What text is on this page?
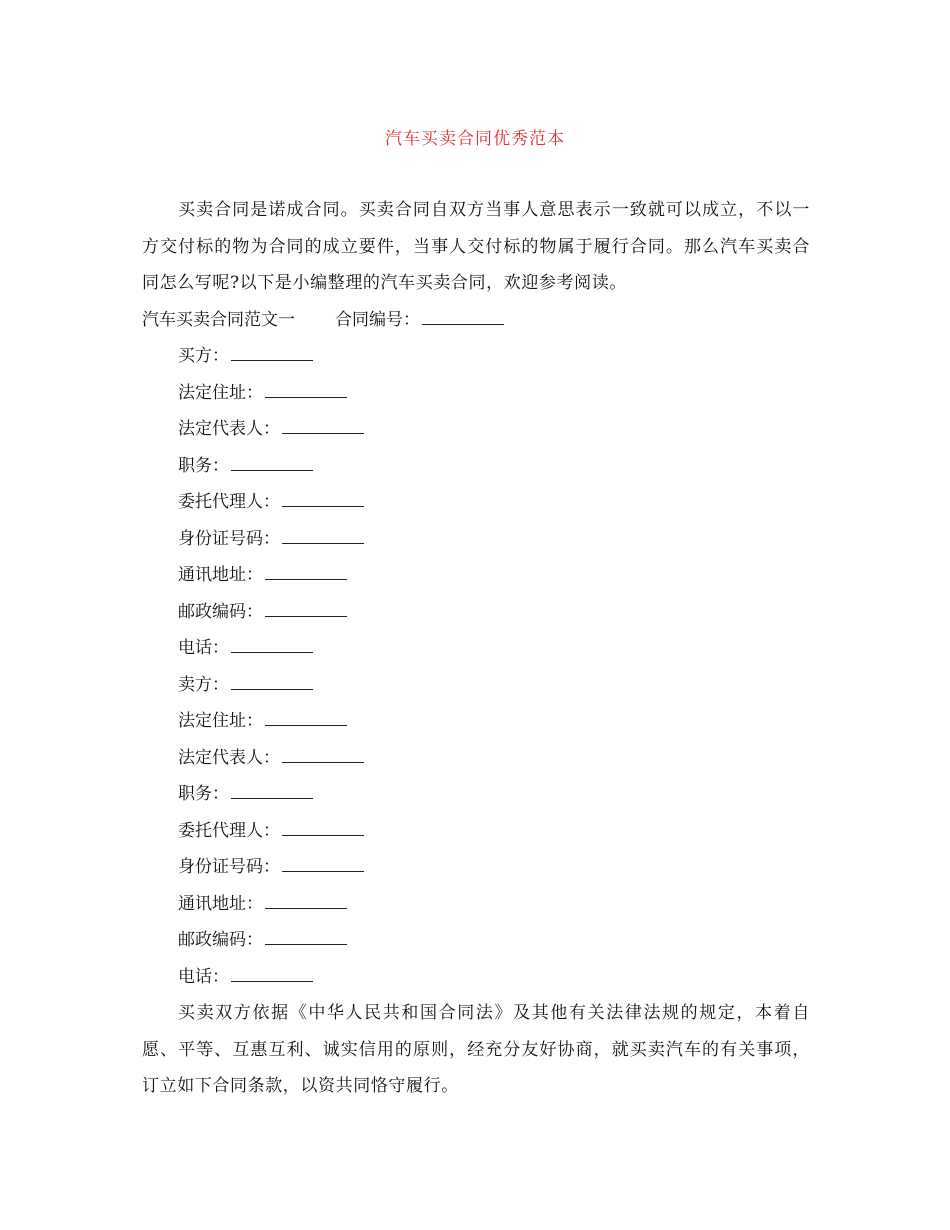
汽车买卖合同优秀范本

买卖合同是诺成合同。买卖合同自双方当事人意思表示一致就可以成立，不以一方交付标的物为合同的成立要件，当事人交付标的物属于履行合同。那么汽车买卖合同怎么写呢?以下是小编整理的汽车买卖合同，欢迎参考阅读。

汽车买卖合同范文一 合同编号：
买方：
法定住址：
法定代表人：
职务：
委托代理人：
身份证号码：
通讯地址：
邮政编码：
电话：
卖方：
法定住址：
法定代表人：
职务：
委托代理人：
身份证号码：
通讯地址：
邮政编码：
电话：

买卖双方依据《中华人民共和国合同法》及其他有关法律法规的规定，本着自愿、平等、互惠互利、诚实信用的原则，经充分友好协商，就买卖汽车的有关事项，订立如下合同条款，以资共同恪守履行。
